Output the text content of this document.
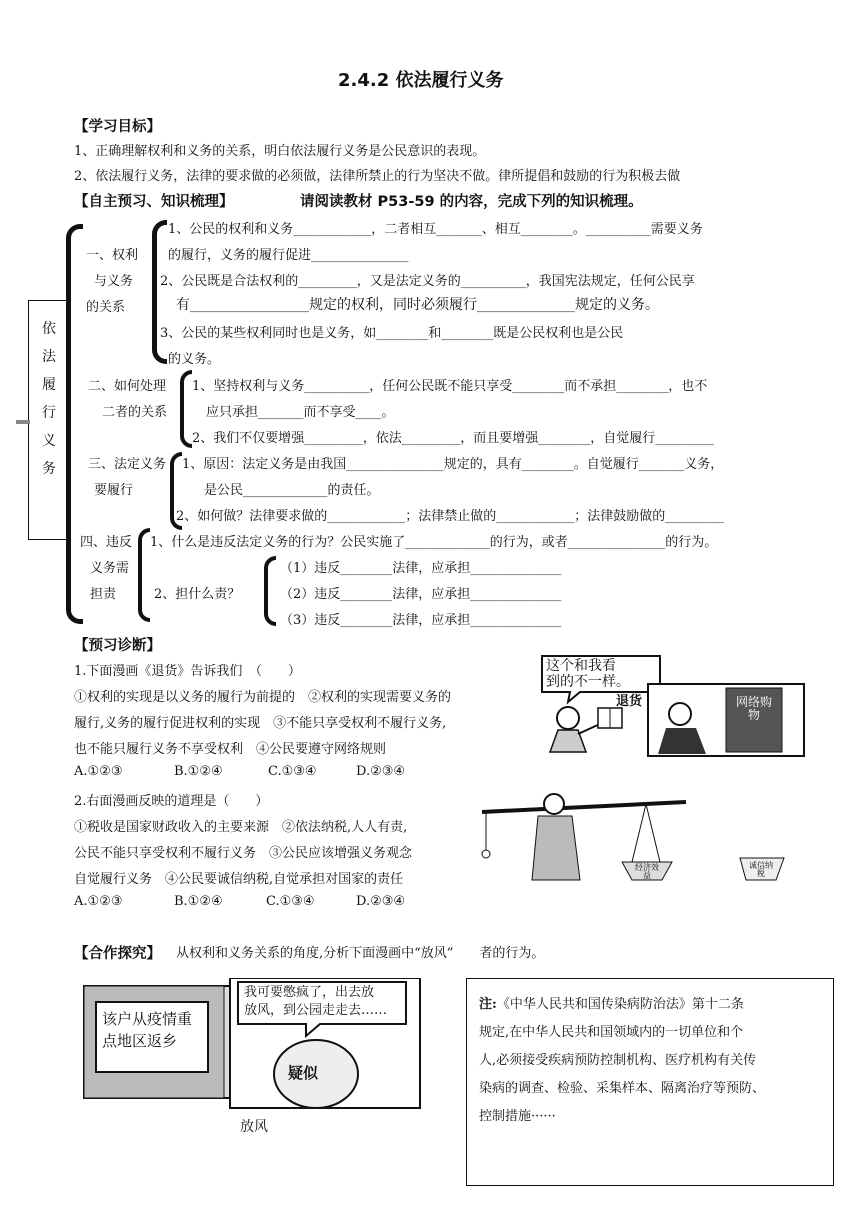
2.4.2 依法履行义务
【学习目标】
1、正确理解权利和义务的关系，明白依法履行义务是公民意识的表现。
2、依法履行义务，法律的要求做的必须做，法律所禁止的行为坚决不做。律所提倡和鼓励的行为积极去做
【自主预习、知识梳理】	请阅读教材 P53-59 的内容，完成下列的知识梳理。
依
法
履
行
义
务
一、权利
与义务
的关系
1、公民的权利和义务____________，二者相互_______、相互________。__________需要义务
的履行，义务的履行促进_______________
2、公民既是合法权利的_________，又是法定义务的__________，我国宪法规定，任何公民享
有_________________规定的权利，同时必须履行______________规定的义务。
3、公民的某些权利同时也是义务，如________和________既是公民权利也是公民
的义务。
二、如何处理
二者的关系
1、坚持权利与义务__________，任何公民既不能只享受________而不承担________，也不
应只承担_______而不享受____。
2、我们不仅要增强_________，依法_________，而且要增强________，自觉履行_________
三、法定义务
要履行
1、原因：法定义务是由我国_______________规定的，具有________。自觉履行_______义务，
是公民_____________的责任。
2、如何做？法律要求做的____________；法律禁止做的____________；法律鼓励做的_________
四、违反
义务需
担责
1、什么是违反法定义务的行为？公民实施了_____________的行为，或者_______________的行为。
2、担什么责？
（1）违反________法律，应承担______________
（2）违反________法律，应承担______________
（3）违反________法律，应承担______________
【预习诊断】
1.下面漫画《退货》告诉我们　（　　）
①权利的实现是以义务的履行为前提的　②权利的实现需要义务的
履行,义务的履行促进权利的实现　③不能只享受权利不履行义务,
也不能只履行义务不享受权利　④公民要遵守网络规则
A.①②③	B.①②④	C.①③④	D.②③④
2.右面漫画反映的道理是（　　）
①税收是国家财政收入的主要来源　②依法纳税,人人有责,
公民不能只享受权利不履行义务　③公民应该增强义务观念
自觉履行义务　④公民要诚信纳税,自觉承担对国家的责任
A.①②③	B.①②④	C.①③④	D.②③④
这个和我看
到的不一样。
退货	网络购物
经济效益
诚信纳税
【合作探究】 从权利和义务关系的角度,分析下面漫画中“放风”　　者的行为。
该户从疫情重
点地区返乡
我可要憋疯了，出去放
放风，到公园走走去……
疑似
放风
注:《中华人民共和国传染病防治法》第十二条
规定,在中华人民共和国领域内的一切单位和个
人,必须接受疾病预防控制机构、医疗机构有关传
染病的调查、检验、采集样本、隔离治疗等预防、
控制措施······
